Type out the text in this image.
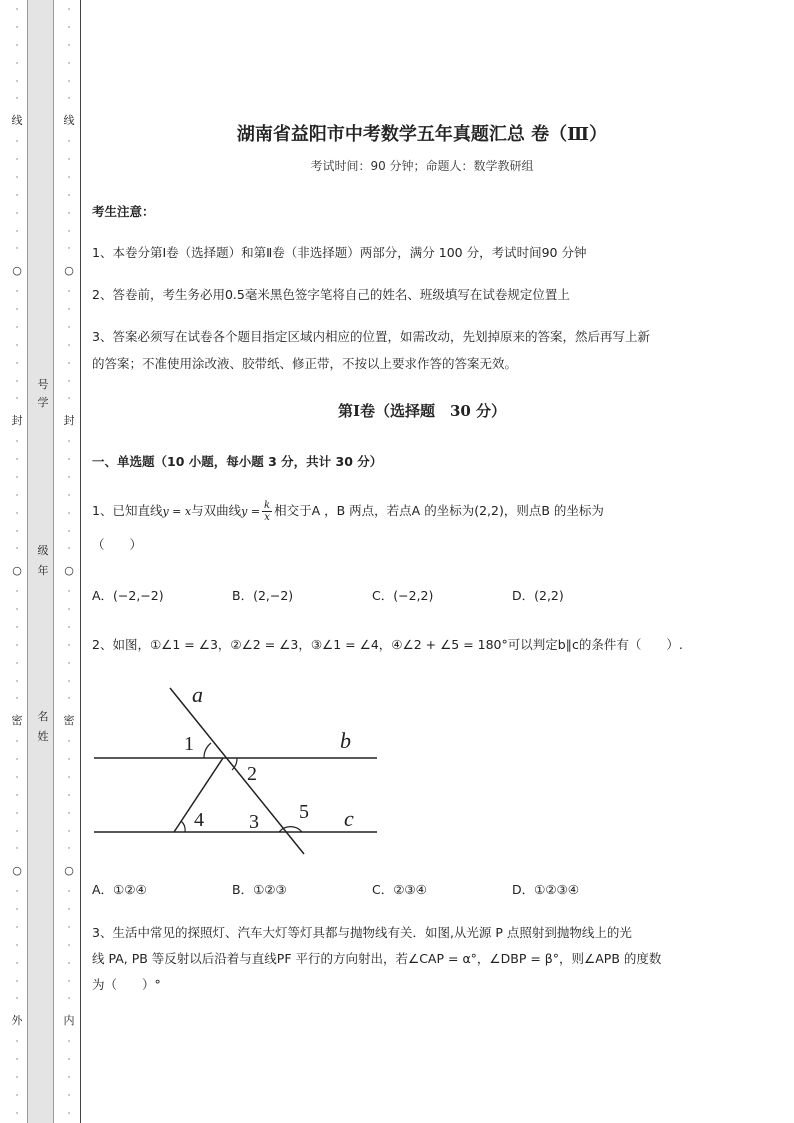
·
·
·
·
·
·
线
·
·
·
·
·
·
·
○
·
·
·
·
·
·
·
封
·
·
·
·
·
·
·
○
·
·
·
·
·
·
·
密
·
·
·
·
·
·
·
○
·
·
·
·
·
·
·
外
·
·
·
·
·
·
·
·
·
·
·
线
·
·
·
·
·
·
·
○
·
·
·
·
·
·
·
封
·
·
·
·
·
·
·
○
·
·
·
·
·
·
·
密
·
·
·
·
·
·
·
○
·
·
·
·
·
·
·
内
·
·
·
·
·
号
学
级
年
名
姓
湖南省益阳市中考数学五年真题汇总 卷（Ⅲ）
考试时间：90 分钟；命题人：数学教研组
考生注意：
1、本卷分第Ⅰ卷（选择题）和第Ⅱ卷（非选择题）两部分，满分 100 分，考试时间90 分钟
2、答卷前，考生务必用0.5毫米黑色签字笔将自己的姓名、班级填写在试卷规定位置上
3、答案必须写在试卷各个题目指定区域内相应的位置，如需改动，先划掉原来的答案，然后再写上新
的答案；不准使用涂改液、胶带纸、修正带，不按以上要求作答的答案无效。
第Ⅰ卷（选择题　30 分）
一、单选题（10 小题，每小题 3 分，共计 30 分）
1、已知直线y = x与双曲线$y = \frac{k}{x}$ 相交于A ，B 两点，若点A 的坐标为(2,2)，则点B 的坐标为
（　　）
A．(−2,−2)	B．(2,−2)	C．(−2,2)	D．(2,2)
2、如图，①∠1 = ∠3，②∠2 = ∠3，③∠1 = ∠4，④∠2 + ∠5 = 180°可以判定b∥c的条件有（　　）.
a
b
c
1
2
3
4	5
A．①②④	B．①②③	C．②③④	D．①②③④
3、生活中常见的探照灯、汽车大灯等灯具都与抛物线有关．如图,从光源 P 点照射到抛物线上的光
线 PA, PB 等反射以后沿着与直线PF 平行的方向射出，若∠CAP = α°，∠DBP = β°，则∠APB 的度数
为（　　）°
